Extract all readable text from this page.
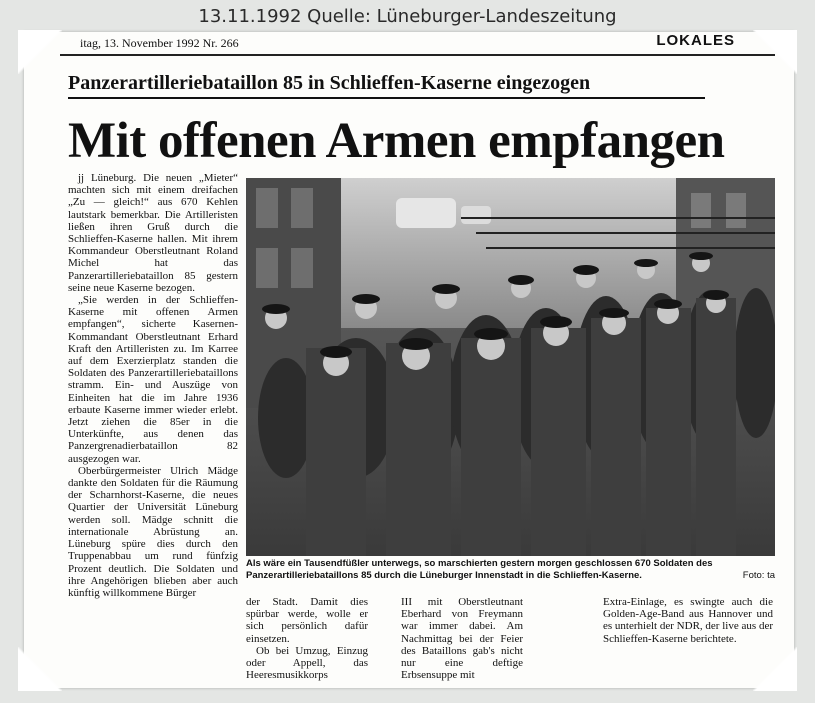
13.11.1992 Quelle: Lüneburger-Landeszeitung
itag, 13. November 1992 Nr. 266	LOKALES
Panzerartilleriebataillon 85 in Schlieffen-Kaserne eingezogen
Mit offenen Armen empfangen

jj Lüneburg. Die neuen „Mieter“ machten sich mit einem dreifachen „Zu — gleich!“ aus 670 Kehlen lautstark bemerkbar. Die Artilleristen ließen ihren Gruß durch die Schlieffen-Kaserne hallen. Mit ihrem Kommandeur Oberstleutnant Roland Michel hat das Panzerartilleriebataillon 85 gestern seine neue Kaserne bezogen.

„Sie werden in der Schlieffen-Kaserne mit offenen Armen empfangen“, sicherte Kasernen-Kommandant Oberstleutnant Erhard Kraft den Artilleristen zu. Im Karree auf dem Exerzierplatz standen die Soldaten des Panzerartilleriebataillons stramm. Ein- und Auszüge von Einheiten hat die im Jahre 1936 erbaute Kaserne immer wieder erlebt. Jetzt ziehen die 85er in die Unterkünfte, aus denen das Panzergrenadierbataillon 82 ausgezogen war.

Oberbürgermeister Ulrich Mädge dankte den Soldaten für die Räumung der Scharnhorst-Kaserne, die neues Quartier der Universität Lüneburg werden soll. Mädge schnitt die internationale Abrüstung an. Lüneburg spüre dies durch den Truppenabbau um rund fünfzig Prozent deutlich. Die Soldaten und ihre Angehörigen blieben aber auch künftig willkommene Bürger

Als wäre ein Tausendfüßler unterwegs, so marschierten gestern morgen geschlossen 670 Soldaten des Panzerartilleriebataillons 85 durch die Lüneburger Innenstadt in die Schlieffen-Kaserne.	Foto: ta

der Stadt. Damit dies spürbar werde, wolle er sich persönlich dafür einsetzen.

Ob bei Umzug, Einzug oder Appell, das Heeresmusikkorps

III mit Oberstleutnant Eberhard von Freymann war immer dabei. Am Nachmittag bei der Feier des Bataillons gab's nicht nur eine deftige Erbsensuppe mit

Extra-Einlage, es swingte auch die Golden-Age-Band aus Hannover und es unterhielt der NDR, der live aus der Schlieffen-Kaserne berichtete.
